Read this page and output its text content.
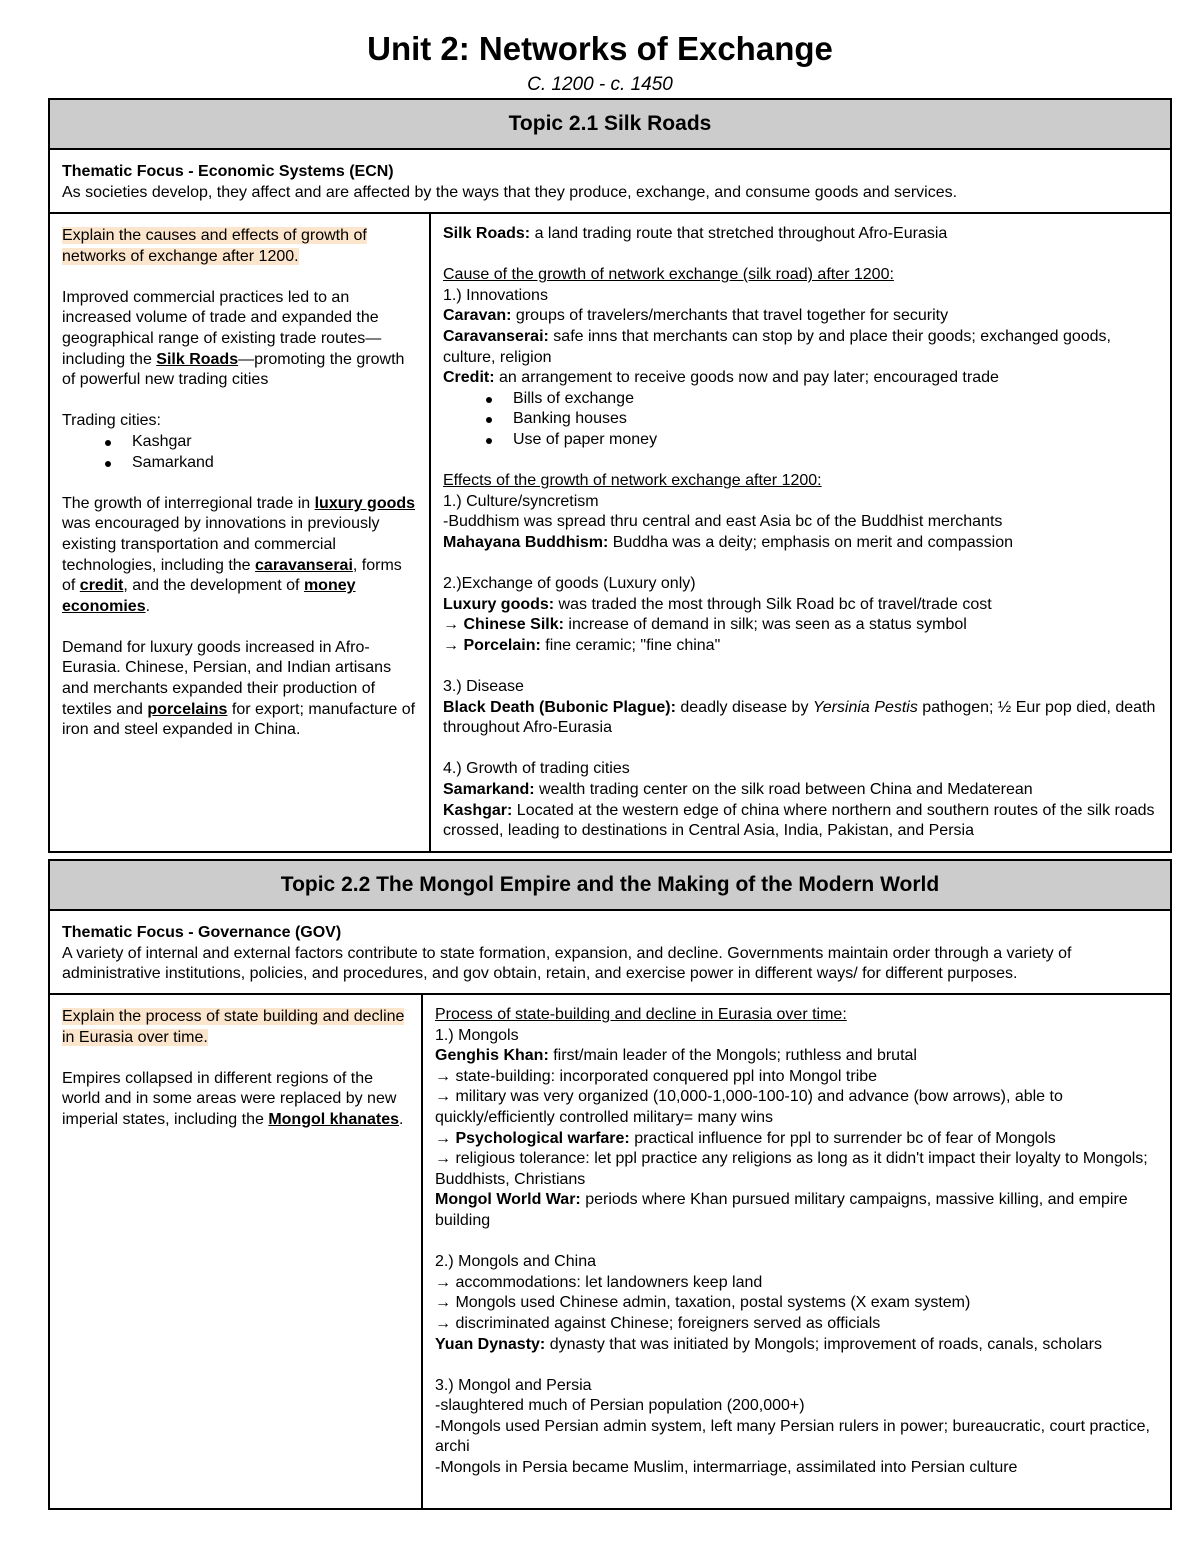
Unit 2: Networks of Exchange
C. 1200 - c. 1450
Topic 2.1 Silk Roads
Thematic Focus - Economic Systems (ECN)
As societies develop, they affect and are affected by the ways that they produce, exchange, and consume goods and services.

Explain the causes and effects of growth of networks of exchange after 1200.

Improved commercial practices led to an increased volume of trade and expanded the geographical range of existing trade routes—including the Silk Roads—promoting the growth of powerful new trading cities

Trading cities:
Kashgar
Samarkand

The growth of interregional trade in luxury goods was encouraged by innovations in previously existing transportation and commercial technologies, including the caravanserai, forms of credit, and the development of money economies.

Demand for luxury goods increased in Afro-Eurasia. Chinese, Persian, and Indian artisans and merchants expanded their production of textiles and porcelains for export; manufacture of iron and steel expanded in China.

Silk Roads: a land trading route that stretched throughout Afro-Eurasia
Cause of the growth of network exchange (silk road) after 1200:
1.) Innovations
Caravan: groups of travelers/merchants that travel together for security
Caravanserai: safe inns that merchants can stop by and place their goods; exchanged goods, culture, religion
Credit: an arrangement to receive goods now and pay later; encouraged trade
Bills of exchange
Banking houses
Use of paper money
Effects of the growth of network exchange after 1200:
1.) Culture/syncretism
-Buddhism was spread thru central and east Asia bc of the Buddhist merchants
Mahayana Buddhism: Buddha was a deity; emphasis on merit and compassion
2.)Exchange of goods (Luxury only)
Luxury goods: was traded the most through Silk Road bc of travel/trade cost
→ Chinese Silk: increase of demand in silk; was seen as a status symbol
→ Porcelain: fine ceramic; "fine china"
3.) Disease
Black Death (Bubonic Plague): deadly disease by Yersinia Pestis pathogen; ½ Eur pop died, death throughout Afro-Eurasia
4.) Growth of trading cities
Samarkand: wealth trading center on the silk road between China and Medaterean
Kashgar: Located at the western edge of china where northern and southern routes of the silk roads crossed, leading to destinations in Central Asia, India, Pakistan, and Persia
Topic 2.2 The Mongol Empire and the Making of the Modern World
Thematic Focus - Governance (GOV)
A variety of internal and external factors contribute to state formation, expansion, and decline. Governments maintain order through a variety of administrative institutions, policies, and procedures, and gov obtain, retain, and exercise power in different ways/ for different purposes.

Explain the process of state building and decline in Eurasia over time.

Empires collapsed in different regions of the world and in some areas were replaced by new imperial states, including the Mongol khanates.

Process of state-building and decline in Eurasia over time:
1.) Mongols
Genghis Khan: first/main leader of the Mongols; ruthless and brutal
→ state-building: incorporated conquered ppl into Mongol tribe
→ military was very organized (10,000-1,000-100-10) and advance (bow arrows), able to quickly/efficiently controlled military= many wins
→ Psychological warfare: practical influence for ppl to surrender bc of fear of Mongols
→ religious tolerance: let ppl practice any religions as long as it didn't impact their loyalty to Mongols; Buddhists, Christians
Mongol World War: periods where Khan pursued military campaigns, massive killing, and empire building
2.) Mongols and China
→ accommodations: let landowners keep land
→ Mongols used Chinese admin, taxation, postal systems (X exam system)
→ discriminated against Chinese; foreigners served as officials
Yuan Dynasty: dynasty that was initiated by Mongols; improvement of roads, canals, scholars
3.) Mongol and Persia
-slaughtered much of Persian population (200,000+)
-Mongols used Persian admin system, left many Persian rulers in power; bureaucratic, court practice, archi
-Mongols in Persia became Muslim, intermarriage, assimilated into Persian culture
